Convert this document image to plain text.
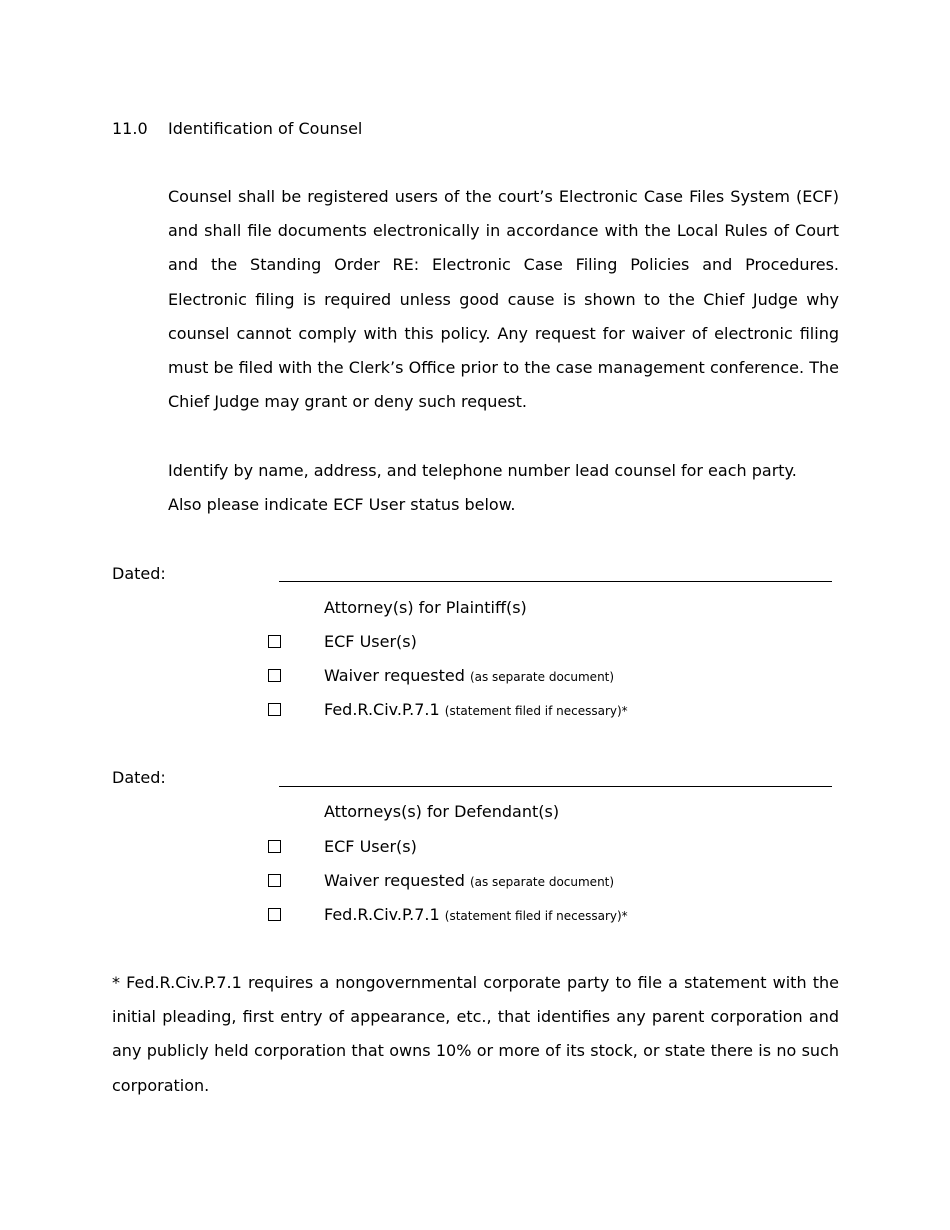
11.0 Identification of Counsel
Counsel shall be registered users of the court’s Electronic Case Files System (ECF) and shall file documents electronically in accordance with the Local Rules of Court and the Standing Order RE: Electronic Case Filing Policies and Procedures. Electronic filing is required unless good cause is shown to the Chief Judge why counsel cannot comply with this policy. Any request for waiver of electronic filing must be filed with the Clerk’s Office prior to the case management conference. The Chief Judge may grant or deny such request.
Identify by name, address, and telephone number lead counsel for each party.
Also please indicate ECF User status below.
Dated:
Attorney(s) for Plaintiff(s)
ECF User(s)
Waiver requested (as separate document)
Fed.R.Civ.P.7.1 (statement filed if necessary)*
Dated:
Attorneys(s) for Defendant(s)
ECF User(s)
Waiver requested (as separate document)
Fed.R.Civ.P.7.1 (statement filed if necessary)*
* Fed.R.Civ.P.7.1 requires a nongovernmental corporate party to file a statement with the initial pleading, first entry of appearance, etc., that identifies any parent corporation and any publicly held corporation that owns 10% or more of its stock, or state there is no such corporation.
